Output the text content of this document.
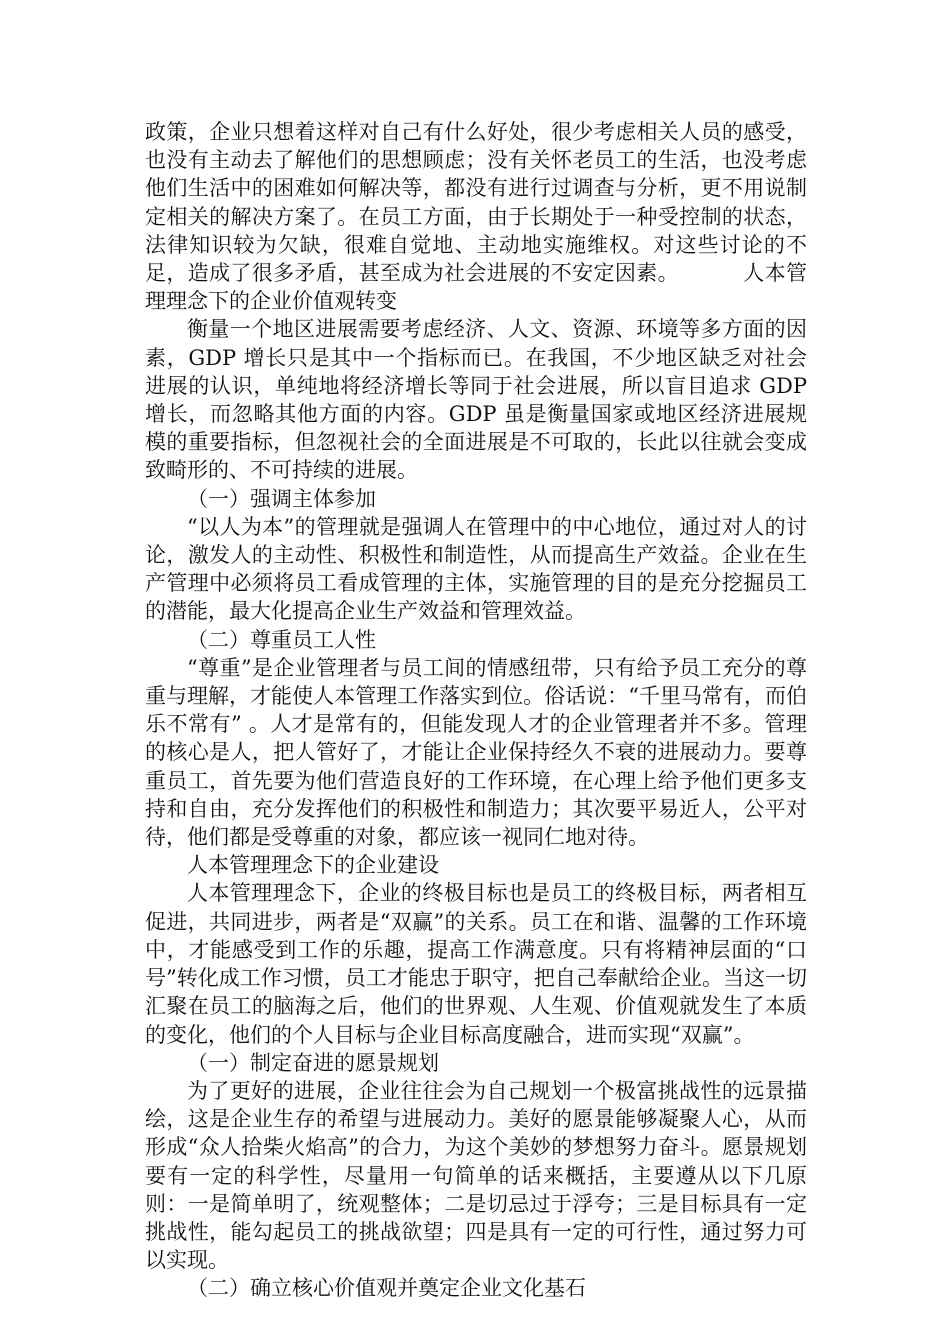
政策，企业只想着这样对自己有什么好处，很少考虑相关人员的感受，也没有主动去了解他们的思想顾虑；没有关怀老员工的生活，也没考虑他们生活中的困难如何解决等，都没有进行过调查与分析，更不用说制定相关的解决方案了。在员工方面，由于长期处于一种受控制的状态，法律知识较为欠缺，很难自觉地、主动地实施维权。对这些讨论的不足，造成了很多矛盾，甚至成为社会进展的不安定因素。	人本管理理念下的企业价值观转变

衡量一个地区进展需要考虑经济、人文、资源、环境等多方面的因素，GDP 增长只是其中一个指标而已。在我国，不少地区缺乏对社会进展的认识，单纯地将经济增长等同于社会进展，所以盲目追求 GDP 增长，而忽略其他方面的内容。GDP 虽是衡量国家或地区经济进展规模的重要指标，但忽视社会的全面进展是不可取的，长此以往就会变成致畸形的、不可持续的进展。

（一）强调主体参加

“以人为本”的管理就是强调人在管理中的中心地位，通过对人的讨论，激发人的主动性、积极性和制造性，从而提高生产效益。企业在生产管理中必须将员工看成管理的主体，实施管理的目的是充分挖掘员工的潜能，最大化提高企业生产效益和管理效益。

（二）尊重员工人性

“尊重”是企业管理者与员工间的情感纽带，只有给予员工充分的尊重与理解，才能使人本管理工作落实到位。俗话说：“千里马常有，而伯乐不常有” 。人才是常有的，但能发现人才的企业管理者并不多。管理的核心是人，把人管好了，才能让企业保持经久不衰的进展动力。要尊重员工，首先要为他们营造良好的工作环境，在心理上给予他们更多支持和自由，充分发挥他们的积极性和制造力；其次要平易近人，公平对待，他们都是受尊重的对象，都应该一视同仁地对待。

人本管理理念下的企业建设

人本管理理念下，企业的终极目标也是员工的终极目标，两者相互促进，共同进步，两者是“双赢”的关系。员工在和谐、温馨的工作环境中，才能感受到工作的乐趣，提高工作满意度。只有将精神层面的“口号”转化成工作习惯，员工才能忠于职守，把自己奉献给企业。当这一切汇聚在员工的脑海之后，他们的世界观、人生观、价值观就发生了本质的变化，他们的个人目标与企业目标高度融合，进而实现“双赢”。

（一）制定奋进的愿景规划

为了更好的进展，企业往往会为自己规划一个极富挑战性的远景描绘，这是企业生存的希望与进展动力。美好的愿景能够凝聚人心，从而形成“众人拾柴火焰高”的合力，为这个美妙的梦想努力奋斗。愿景规划要有一定的科学性，尽量用一句简单的话来概括，主要遵从以下几原则：一是简单明了，统观整体；二是切忌过于浮夸；三是目标具有一定挑战性，能勾起员工的挑战欲望；四是具有一定的可行性，通过努力可以实现。

（二）确立核心价值观并奠定企业文化基石
